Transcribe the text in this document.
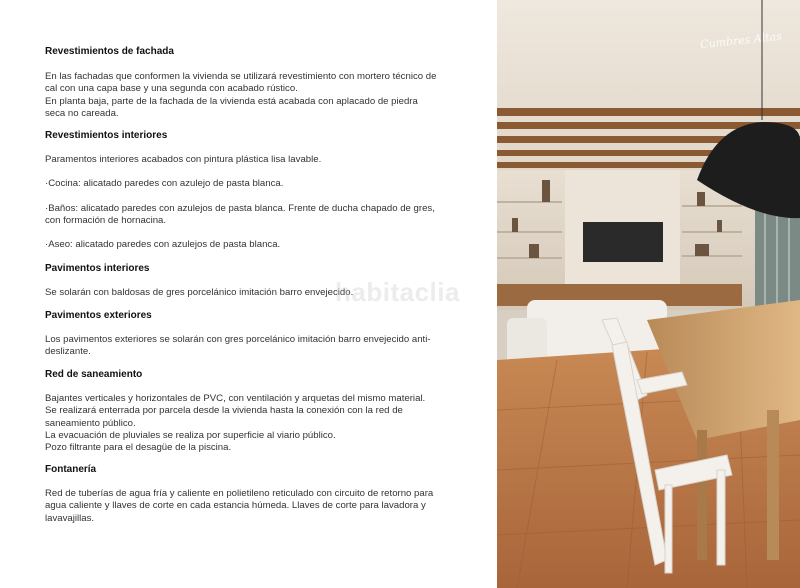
Revestimientos de fachada

En las fachadas que conformen la vivienda se utilizará revestimiento con mortero técnico de cal con una capa base y una segunda con acabado rústico.
En planta baja, parte de la fachada de la vivienda está acabada con aplacado de piedra seca no careada.

Revestimientos interiores

Paramentos interiores acabados con pintura plástica lisa lavable.

·Cocina: alicatado paredes con azulejo de pasta blanca.

·Baños: alicatado paredes con azulejos de pasta blanca. Frente de ducha chapado de gres, con formación de hornacina.

·Aseo: alicatado paredes con azulejos de pasta blanca.

Pavimentos interiores

Se solarán con baldosas de gres porcelánico imitación barro envejecido.

Pavimentos exteriores

Los pavimentos exteriores se solarán con gres porcelánico imitación barro envejecido anti-deslizante.

Red de saneamiento

Bajantes verticales y horizontales de PVC, con ventilación y arquetas del mismo material.
Se realizará enterrada por parcela desde la vivienda hasta la conexión con la red de saneamiento público.
La evacuación de pluviales se realiza por superficie al viario público.
Pozo filtrante para el desagüe de la piscina.

Fontanería

Red de tuberías de agua fría y caliente en polietileno reticulado con circuito de retorno para agua caliente y llaves de corte en cada estancia húmeda. Llaves de corte para lavadora y lavavajillas.

habitaclia
Cumbres Altas
